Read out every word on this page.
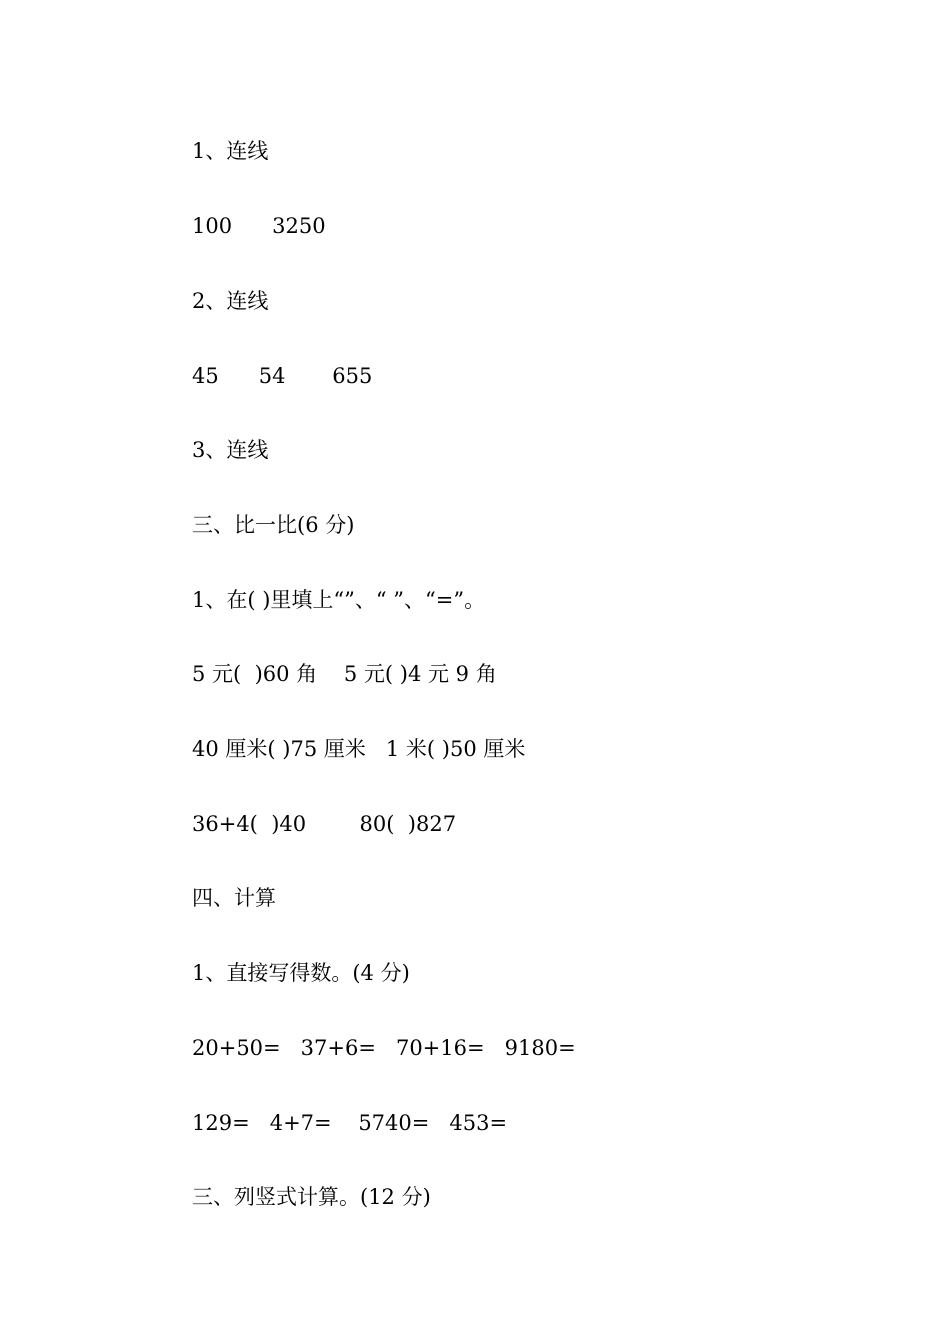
1、连线
100      3250
2、连线
45      54       655
3、连线
三、比一比(6 分)
1、在( )里填上“”、“ ”、“=”。
5 元(  )60 角    5 元( )4 元 9 角
40 厘米( )75 厘米   1 米( )50 厘米
36+4(  )40        80(  )827
四、计算
1、直接写得数。(4 分)
20+50=   37+6=   70+16=   9180=
129=   4+7=    5740=   453=
三、列竖式计算。(12 分)
